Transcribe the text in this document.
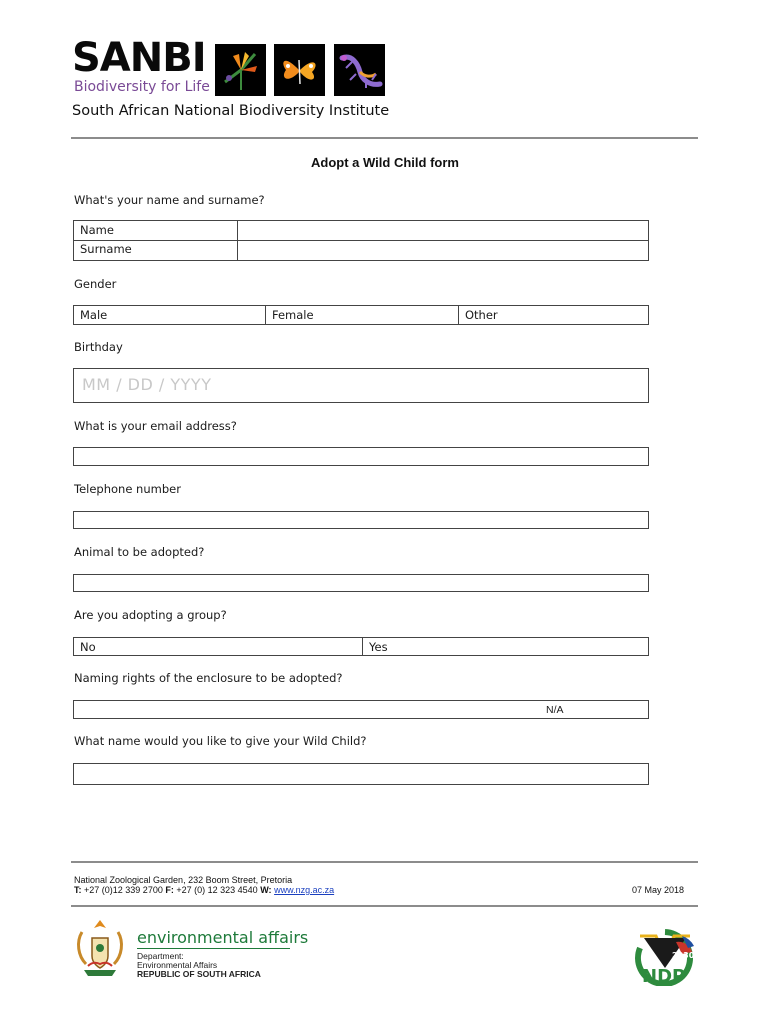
SANBI
Biodiversity for Life
South African National Biodiversity Institute
Adopt a Wild Child form
What's your name and surname?
Name
Surname
Gender
Male	Female	Other
Birthday
MM / DD / YYYY
What is your email address?
Telephone number
Animal to be adopted?
Are you adopting a group?
No	Yes
Naming rights of the enclosure to be adopted?
N/A
What name would you like to give your Wild Child?
National Zoological Garden, 232 Boom Street, Pretoria
T: +27 (0)12 339 2700 F: +27 (0) 12 323 4540 W: www.nzg.ac.za	07 May 2018
environmental affairs
Department:
Environmental Affairs
REPUBLIC OF SOUTH AFRICA
2030
NDP
